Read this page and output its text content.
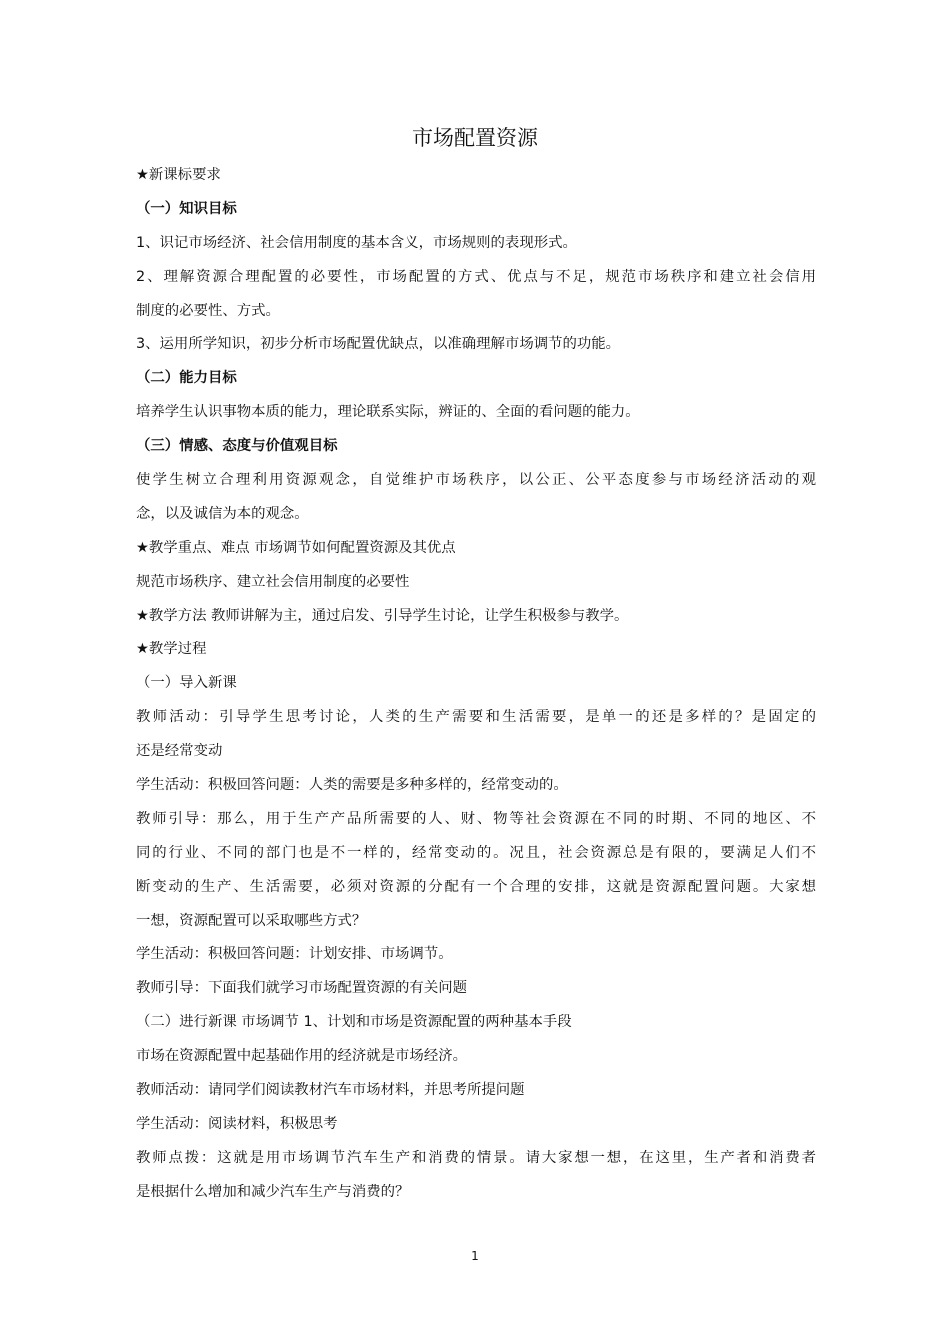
市场配置资源
★新课标要求
（一）知识目标
1、识记市场经济、社会信用制度的基本含义，市场规则的表现形式。
2、理解资源合理配置的必要性，市场配置的方式、优点与不足，规范市场秩序和建立社会信用
制度的必要性、方式。
3、运用所学知识，初步分析市场配置优缺点，以准确理解市场调节的功能。
（二）能力目标
培养学生认识事物本质的能力，理论联系实际，辨证的、全面的看问题的能力。
（三）情感、态度与价值观目标
使学生树立合理利用资源观念，自觉维护市场秩序，以公正、公平态度参与市场经济活动的观
念，以及诚信为本的观念。
★教学重点、难点 市场调节如何配置资源及其优点
规范市场秩序、建立社会信用制度的必要性
★教学方法 教师讲解为主，通过启发、引导学生讨论，让学生积极参与教学。
★教学过程
（一）导入新课
教师活动：引导学生思考讨论，人类的生产需要和生活需要，是单一的还是多样的？是固定的
还是经常变动
学生活动：积极回答问题：人类的需要是多种多样的，经常变动的。
教师引导：那么，用于生产产品所需要的人、财、物等社会资源在不同的时期、不同的地区、不
同的行业、不同的部门也是不一样的，经常变动的。况且，社会资源总是有限的，要满足人们不
断变动的生产、生活需要，必须对资源的分配有一个合理的安排，这就是资源配置问题。大家想
一想，资源配置可以采取哪些方式？
学生活动：积极回答问题：计划安排、市场调节。
教师引导：下面我们就学习市场配置资源的有关问题
（二）进行新课 市场调节 1、计划和市场是资源配置的两种基本手段
市场在资源配置中起基础作用的经济就是市场经济。
教师活动：请同学们阅读教材汽车市场材料，并思考所提问题
学生活动：阅读材料，积极思考
教师点拨：这就是用市场调节汽车生产和消费的情景。请大家想一想，在这里，生产者和消费者
是根据什么增加和减少汽车生产与消费的？
1
